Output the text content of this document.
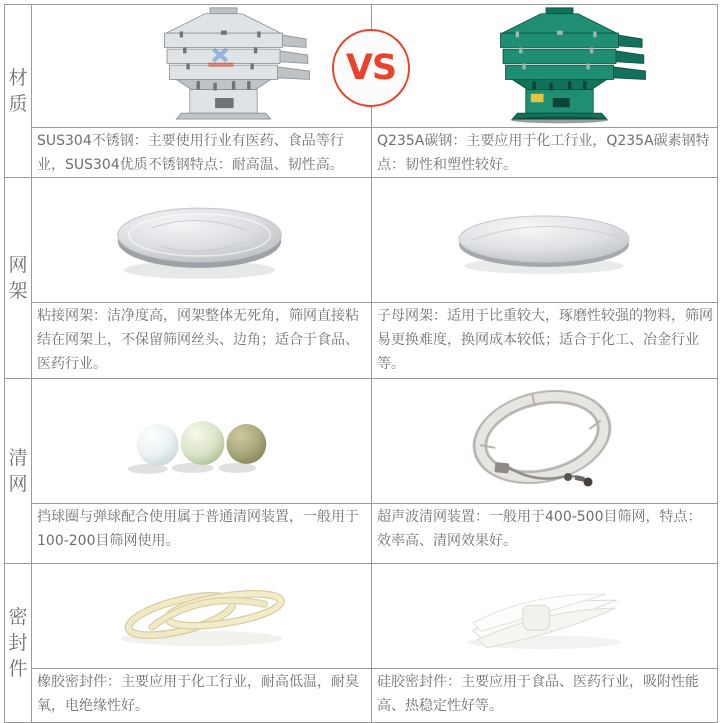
材质
SUS304不锈钢：主要使用行业有医药、食品等行业，SUS304优质不锈钢特点：耐高温、韧性高。
Q235A碳钢：主要应用于化工行业，Q235A碳素钢特点：韧性和塑性较好。
网架
粘接网架：洁净度高，网架整体无死角，筛网直接粘结在网架上，不保留筛网丝头、边角；适合于食品、医药行业。
子母网架：适用于比重较大，琢磨性较强的物料，筛网易更换难度，换网成本较低；适合于化工、冶金行业等。
清网
挡球圈与弹球配合使用属于普通清网装置，一般用于100-200目筛网使用。
超声波清网装置：一般用于400-500目筛网，特点：效率高、清网效果好。
密封件
橡胶密封件：主要应用于化工行业，耐高低温，耐臭氧，电绝缘性好。
硅胶密封件：主要应用于食品、医药行业，吸附性能高、热稳定性好等。
VS
